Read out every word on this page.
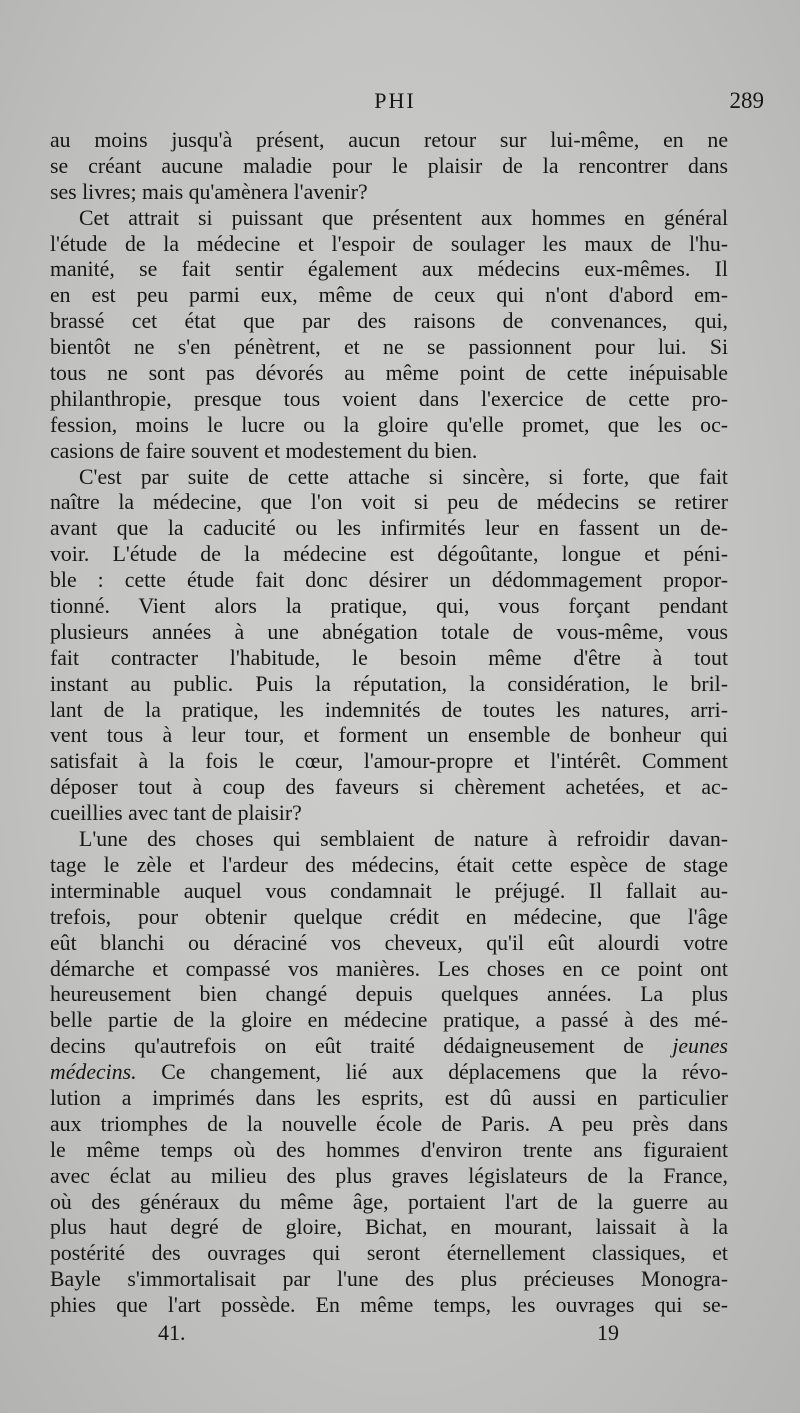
PHI	289
au moins jusqu'à présent, aucun retour sur lui-même, en ne
se créant aucune maladie pour le plaisir de la rencontrer dans
ses livres; mais qu'amènera l'avenir?
Cet attrait si puissant que présentent aux hommes en général
l'étude de la médecine et l'espoir de soulager les maux de l'hu-
manité, se fait sentir également aux médecins eux-mêmes. Il
en est peu parmi eux, même de ceux qui n'ont d'abord em-
brassé cet état que par des raisons de convenances, qui,
bientôt ne s'en pénètrent, et ne se passionnent pour lui. Si
tous ne sont pas dévorés au même point de cette inépuisable
philanthropie, presque tous voient dans l'exercice de cette pro-
fession, moins le lucre ou la gloire qu'elle promet, que les oc-
casions de faire souvent et modestement du bien.
C'est par suite de cette attache si sincère, si forte, que fait
naître la médecine, que l'on voit si peu de médecins se retirer
avant que la caducité ou les infirmités leur en fassent un de-
voir. L'étude de la médecine est dégoûtante, longue et péni-
ble : cette étude fait donc désirer un dédommagement propor-
tionné. Vient alors la pratique, qui, vous forçant pendant
plusieurs années à une abnégation totale de vous-même, vous
fait contracter l'habitude, le besoin même d'être à tout
instant au public. Puis la réputation, la considération, le bril-
lant de la pratique, les indemnités de toutes les natures, arri-
vent tous à leur tour, et forment un ensemble de bonheur qui
satisfait à la fois le cœur, l'amour-propre et l'intérêt. Comment
déposer tout à coup des faveurs si chèrement achetées, et ac-
cueillies avec tant de plaisir?
L'une des choses qui semblaient de nature à refroidir davan-
tage le zèle et l'ardeur des médecins, était cette espèce de stage
interminable auquel vous condamnait le préjugé. Il fallait au-
trefois, pour obtenir quelque crédit en médecine, que l'âge
eût blanchi ou déraciné vos cheveux, qu'il eût alourdi votre
démarche et compassé vos manières. Les choses en ce point ont
heureusement bien changé depuis quelques années. La plus
belle partie de la gloire en médecine pratique, a passé à des mé-
decins qu'autrefois on eût traité dédaigneusement de jeunes
médecins. Ce changement, lié aux déplacemens que la révo-
lution a imprimés dans les esprits, est dû aussi en particulier
aux triomphes de la nouvelle école de Paris. A peu près dans
le même temps où des hommes d'environ trente ans figuraient
avec éclat au milieu des plus graves législateurs de la France,
où des généraux du même âge, portaient l'art de la guerre au
plus haut degré de gloire, Bichat, en mourant, laissait à la
postérité des ouvrages qui seront éternellement classiques, et
Bayle s'immortalisait par l'une des plus précieuses Monogra-
phies que l'art possède. En même temps, les ouvrages qui se-
41.	19
